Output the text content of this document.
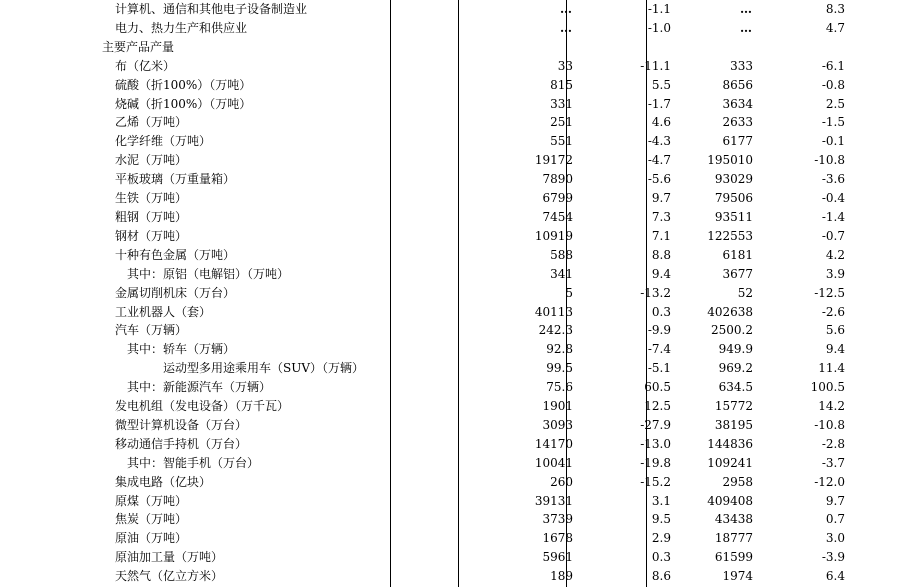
计算机、通信和其他电子设备制造业	…	-1.1	…	8.3
电力、热力生产和供应业	…	-1.0	…	4.7
主要产品产量				
布（亿米）	33	-11.1	333	-6.1
硫酸（折100%）（万吨）	815	5.5	8656	-0.8
烧碱（折100%）（万吨）	331	-1.7	3634	2.5
乙烯（万吨）	251	4.6	2633	-1.5
化学纤维（万吨）	551	-4.3	6177	-0.1
水泥（万吨）	19172	-4.7	195010	-10.8
平板玻璃（万重量箱）	7890	-5.6	93029	-3.6
生铁（万吨）	6799	9.7	79506	-0.4
粗钢（万吨）	7454	7.3	93511	-1.4
钢材（万吨）	10919	7.1	122553	-0.7
十种有色金属（万吨）	588	8.8	6181	4.2
其中：原铝（电解铝）（万吨）	341	9.4	3677	3.9
金属切削机床（万台）	5	-13.2	52	-12.5
工业机器人（套）	40113	0.3	402638	-2.6
汽车（万辆）	242.3	-9.9	2500.2	5.6
其中：轿车（万辆）	92.8	-7.4	949.9	9.4
运动型多用途乘用车（SUV）（万辆）	99.5	-5.1	969.2	11.4
其中：新能源汽车（万辆）	75.6	60.5	634.5	100.5
发电机组（发电设备）（万千瓦）	1901	12.5	15772	14.2
微型计算机设备（万台）	3093	-27.9	38195	-10.8
移动通信手持机（万台）	14170	-13.0	144836	-2.8
其中：智能手机（万台）	10041	-19.8	109241	-3.7
集成电路（亿块）	260	-15.2	2958	-12.0
原煤（万吨）	39131	3.1	409408	9.7
焦炭（万吨）	3739	9.5	43438	0.7
原油（万吨）	1678	2.9	18777	3.0
原油加工量（万吨）	5961	0.3	61599	-3.9
天然气（亿立方米）	189	8.6	1974	6.4
